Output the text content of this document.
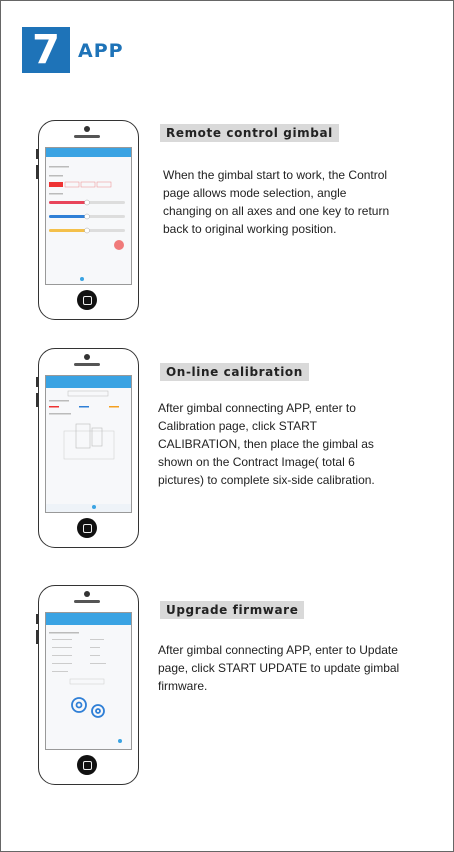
7 APP
Remote control gimbal
When the gimbal start to work, the Control
page allows mode selection, angle
changing on all axes and one key to return
back to original working position.
On-line calibration
After gimbal connecting APP, enter to
Calibration page, click START
CALIBRATION, then place the gimbal as
shown on the Contract Image( total 6
pictures) to complete six-side calibration.
Upgrade firmware
After gimbal connecting APP, enter to Update
page, click START UPDATE to update gimbal
firmware.
